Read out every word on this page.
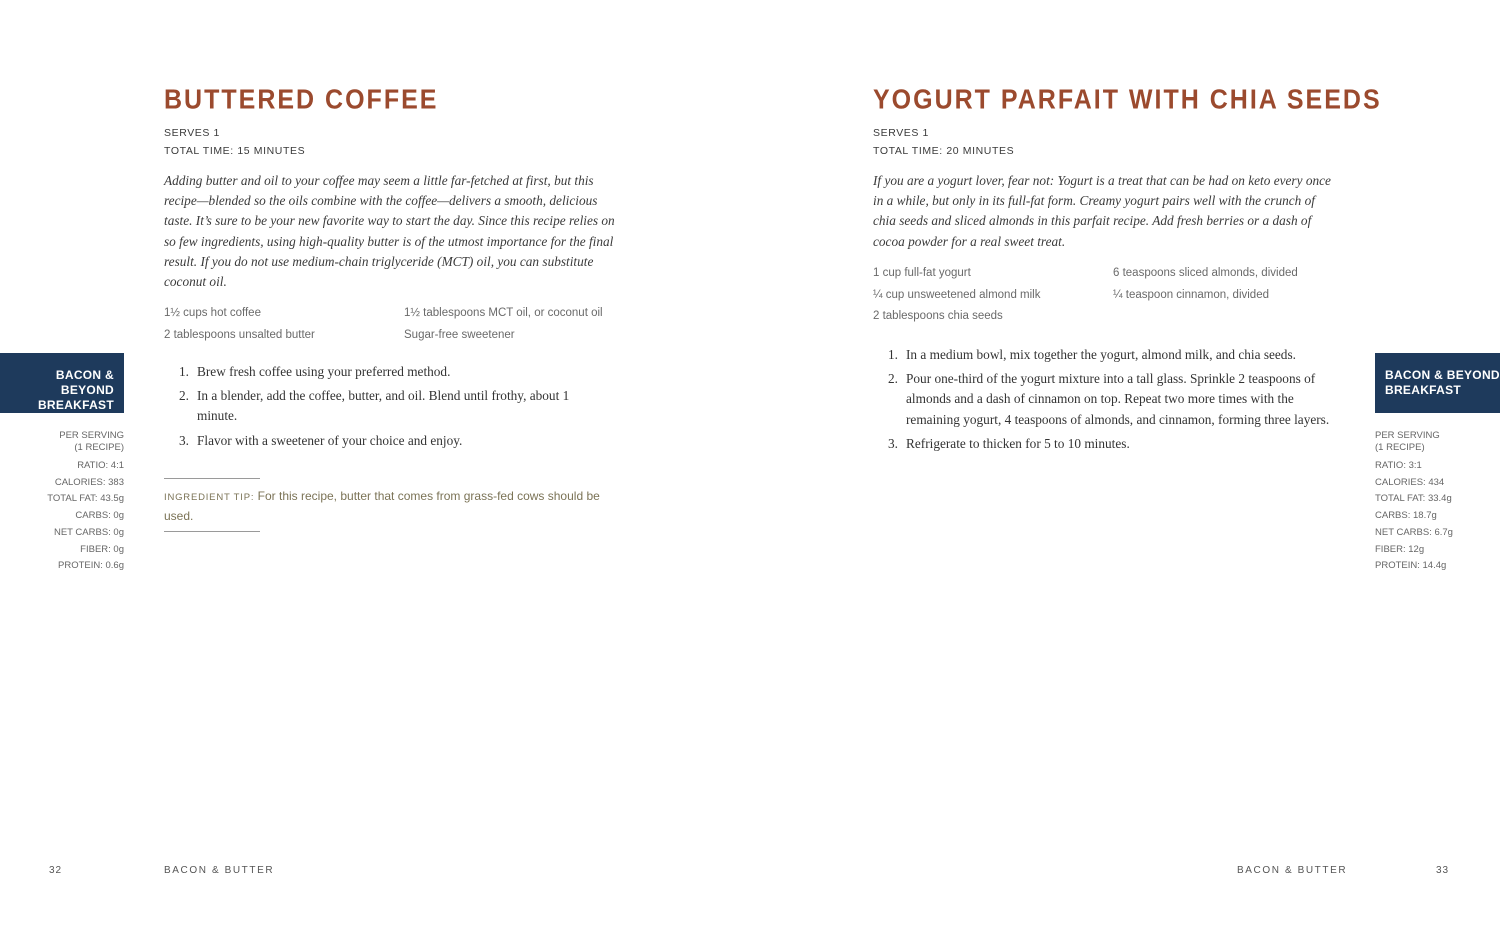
BUTTERED COFFEE
SERVES 1
TOTAL TIME: 15 MINUTES

Adding butter and oil to your coffee may seem a little far-fetched at first, but this recipe—blended so the oils combine with the coffee—delivers a smooth, delicious taste. It’s sure to be your new favorite way to start the day. Since this recipe relies on so few ingredients, using high-quality butter is of the utmost importance for the final result. If you do not use medium-chain triglyceride (MCT) oil, you can substitute coconut oil.

1½ cups hot coffee	1½ tablespoons MCT oil, or coconut oil
2 tablespoons unsalted butter	Sugar-free sweetener
1. Brew fresh coffee using your preferred method.
2. In a blender, add the coffee, butter, and oil. Blend until frothy, about 1 minute.
3. Flavor with a sweetener of your choice and enjoy.

INGREDIENT TIP: For this recipe, butter that comes from grass-fed cows should be used.

BACON & BEYOND
BREAKFAST
PER SERVING
(1 RECIPE)
RATIO: 4:1
CALORIES: 383
TOTAL FAT: 43.5g
CARBS: 0g
NET CARBS: 0g
FIBER: 0g
PROTEIN: 0.6g
32	BACON & BUTTER
YOGURT PARFAIT WITH CHIA SEEDS
SERVES 1
TOTAL TIME: 20 MINUTES

If you are a yogurt lover, fear not: Yogurt is a treat that can be had on keto every once in a while, but only in its full-fat form. Creamy yogurt pairs well with the crunch of chia seeds and sliced almonds in this parfait recipe. Add fresh berries or a dash of cocoa powder for a real sweet treat.

1 cup full-fat yogurt	6 teaspoons sliced almonds, divided
¼ cup unsweetened almond milk	¼ teaspoon cinnamon, divided
2 tablespoons chia seeds
1. In a medium bowl, mix together the yogurt, almond milk, and chia seeds.
2. Pour one-third of the yogurt mixture into a tall glass. Sprinkle 2 teaspoons of almonds and a dash of cinnamon on top. Repeat two more times with the remaining yogurt, 4 teaspoons of almonds, and cinnamon, forming three layers.
3. Refrigerate to thicken for 5 to 10 minutes.
BACON & BEYOND
BREAKFAST
PER SERVING
(1 RECIPE)
RATIO: 3:1
CALORIES: 434
TOTAL FAT: 33.4g
CARBS: 18.7g
NET CARBS: 6.7g
FIBER: 12g
PROTEIN: 14.4g
BACON & BUTTER	33
